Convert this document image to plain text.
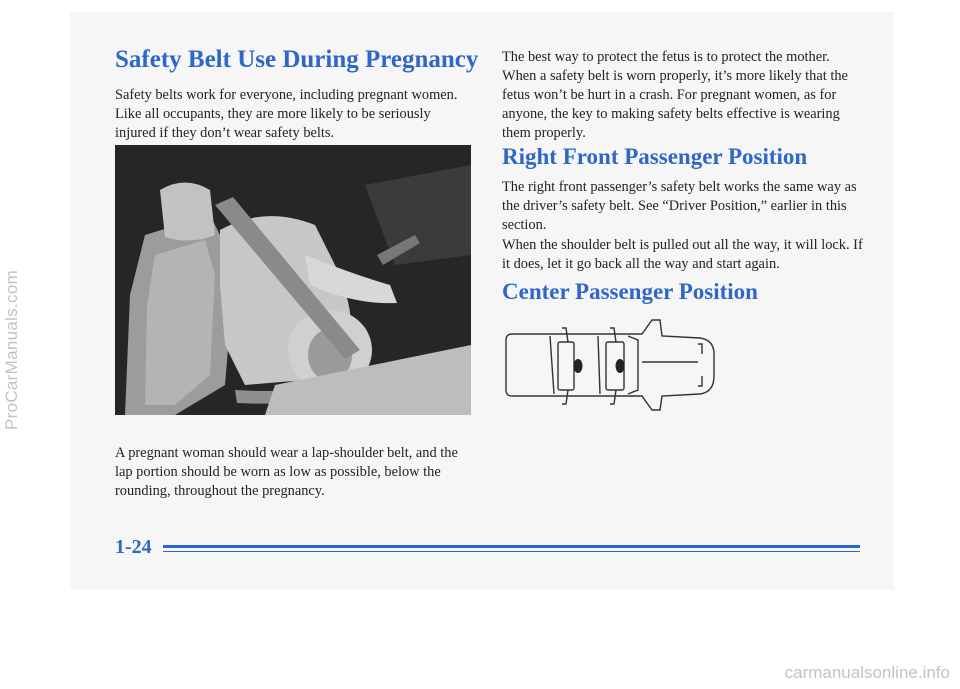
ProCarManuals.com
carmanualsonline.info
Safety Belt Use During Pregnancy

Safety belts work for everyone, including pregnant women. Like all occupants, they are more likely to be seriously injured if they don’t wear safety belts.

A pregnant woman should wear a lap-shoulder belt, and the lap portion should be worn as low as possible, below the rounding, throughout the pregnancy.

The best way to protect the fetus is to protect the mother. When a safety belt is worn properly, it’s more likely that the fetus won’t be hurt in a crash. For pregnant women, as for anyone, the key to making safety belts effective is wearing them properly.

Right Front Passenger Position

The right front passenger’s safety belt works the same way as the driver’s safety belt. See “Driver Position,” earlier in this section.

When the shoulder belt is pulled out all the way, it will lock. If it does, let it go back all the way and start again.

Center Passenger Position

1-24
